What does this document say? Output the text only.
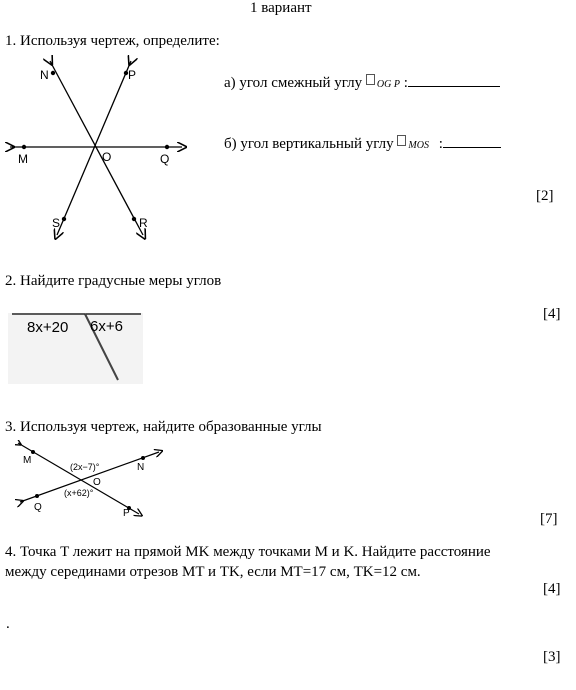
1 вариант
1. Используя чертеж, определите:
N	P
M	O	Q
S	R
а) угол смежный углу OG P :
б) угол вертикальный углу MOS :
[2]
2. Найдите градусные меры углов
[4]
8x+20 6x+6
3. Используя чертеж, найдите образованные углы
M
N
O
Q
P
(2x−7)°
(x+62)°
[7]
4. Точка T лежит на прямой MK между точками M и K. Найдите расстояние
между серединами отрезов MT и TK, если MT=17 см, TK=12 см.
[4]
.
[3]
